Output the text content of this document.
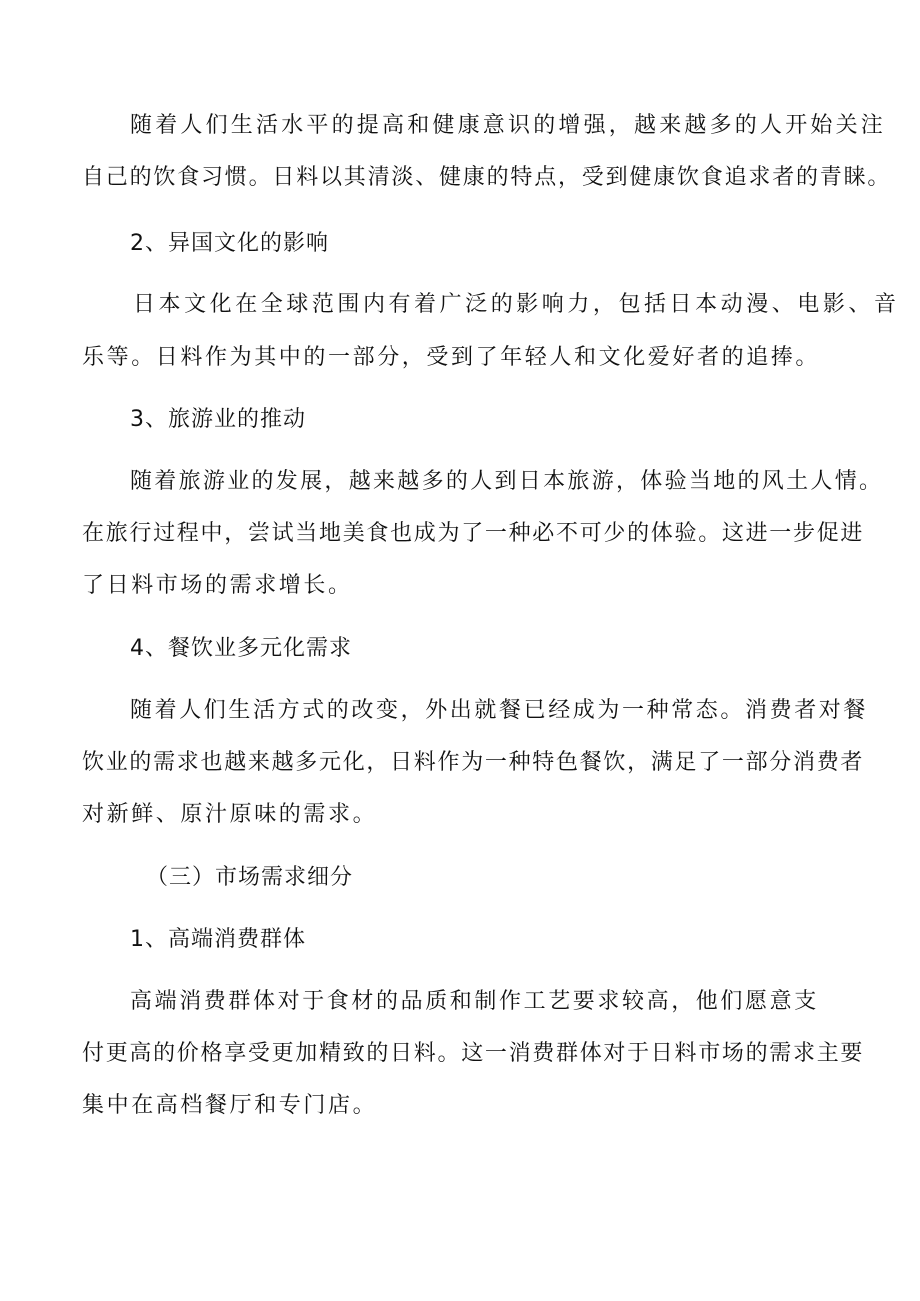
随着人们生活水平的提高和健康意识的增强，越来越多的人开始关注
自己的饮食习惯。日料以其清淡、健康的特点，受到健康饮食追求者的青睐。
2、异国文化的影响
日本文化在全球范围内有着广泛的影响力，包括日本动漫、电影、音
乐等。日料作为其中的一部分，受到了年轻人和文化爱好者的追捧。
3、旅游业的推动
随着旅游业的发展，越来越多的人到日本旅游，体验当地的风土人情。
在旅行过程中，尝试当地美食也成为了一种必不可少的体验。这进一步促进
了日料市场的需求增长。
4、餐饮业多元化需求
随着人们生活方式的改变，外出就餐已经成为一种常态。消费者对餐
饮业的需求也越来越多元化，日料作为一种特色餐饮，满足了一部分消费者
对新鲜、原汁原味的需求。
（三）市场需求细分
1、高端消费群体
高端消费群体对于食材的品质和制作工艺要求较高，他们愿意支
付更高的价格享受更加精致的日料。这一消费群体对于日料市场的需求主要
集中在高档餐厅和专门店。
